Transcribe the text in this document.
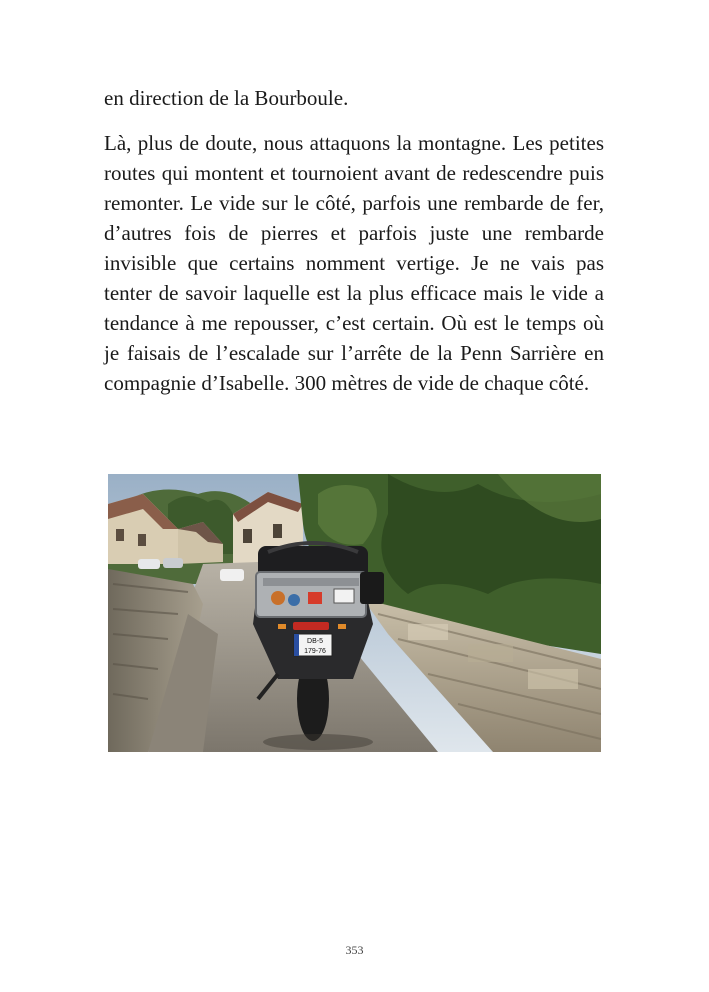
en direction de la Bourboule.

Là, plus de doute, nous attaquons la montagne. Les petites routes qui montent et tournoient avant de redescendre puis remonter. Le vide sur le côté, parfois une rembarde de fer, d’autres fois de pierres et parfois juste une rembarde invisible que certains nomment vertige. Je ne vais pas tenter de savoir laquelle est la plus efficace mais le vide a tendance à me repousser, c’est certain. Où est le temps où je faisais de l’escalade sur l’arrête de la Penn Sarrière en compagnie d’Isabelle. 300 mètres de vide de chaque côté.

DB-5
179-76
353
